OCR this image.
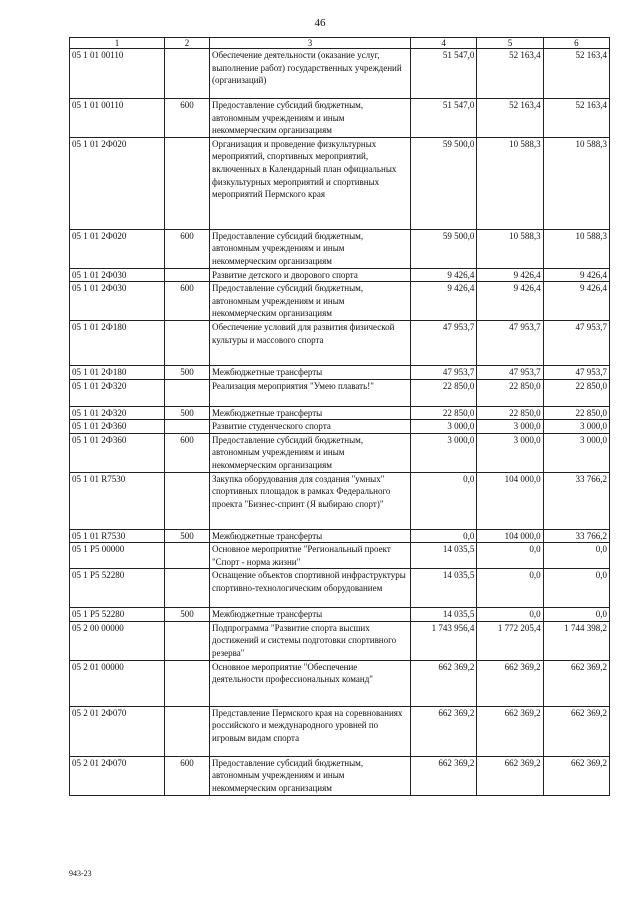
46
1	2	3	4	5	6
05 1 01 00110		Обеспечение деятельности (оказание услуг, выполнение работ) государственных учреждений (организаций)	51 547,0	52 163,4	52 163,4
05 1 01 00110	600	Предоставление субсидий бюджетным, автономным учреждениям и иным некоммерческим организациям	51 547,0	52 163,4	52 163,4
05 1 01 2Ф020		Организация и проведение физкультурных мероприятий, спортивных мероприятий, включенных в Календарный план официальных физкультурных мероприятий и спортивных мероприятий Пермского края	59 500,0	10 588,3	10 588,3
05 1 01 2Ф020	600	Предоставление субсидий бюджетным, автономным учреждениям и иным некоммерческим организациям	59 500,0	10 588,3	10 588,3
05 1 01 2Ф030		Развитие детского и дворового спорта	9 426,4	9 426,4	9 426,4
05 1 01 2Ф030	600	Предоставление субсидий бюджетным, автономным учреждениям и иным некоммерческим организациям	9 426,4	9 426,4	9 426,4
05 1 01 2Ф180		Обеспечение условий для развития физической культуры и массового спорта	47 953,7	47 953,7	47 953,7
05 1 01 2Ф180	500	Межбюджетные трансферты	47 953,7	47 953,7	47 953,7
05 1 01 2Ф320		Реализация мероприятия "Умею плавать!"	22 850,0	22 850,0	22 850,0
05 1 01 2Ф320	500	Межбюджетные трансферты	22 850,0	22 850,0	22 850,0
05 1 01 2Ф360		Развитие студенческого спорта	3 000,0	3 000,0	3 000,0
05 1 01 2Ф360	600	Предоставление субсидий бюджетным, автономным учреждениям и иным некоммерческим организациям	3 000,0	3 000,0	3 000,0
05 1 01 R7530		Закупка оборудования для создания "умных" спортивных площадок в рамках Федерального проекта "Бизнес-спринт (Я выбираю спорт)"	0,0	104 000,0	33 766,2
05 1 01 R7530	500	Межбюджетные трансферты	0,0	104 000,0	33 766,2
05 1 P5 00000		Основное мероприятие "Региональный проект "Спорт - норма жизни"	14 035,5	0,0	0,0
05 1 P5 52280		Оснащение объектов спортивной инфраструктуры спортивно-технологическим оборудованием	14 035,5	0,0	0,0
05 1 P5 52280	500	Межбюджетные трансферты	14 035,5	0,0	0,0
05 2 00 00000		Подпрограмма "Развитие спорта высших достижений и системы подготовки спортивного резерва"	1 743 956,4	1 772 205,4	1 744 398,2
05 2 01 00000		Основное мероприятие "Обеспечение деятельности профессиональных команд"	662 369,2	662 369,2	662 369,2
05 2 01 2Ф070		Представление Пермского края на соревнованиях российского и международного уровней по игровым видам спорта	662 369,2	662 369,2	662 369,2
05 2 01 2Ф070	600	Предоставление субсидий бюджетным, автономным учреждениям и иным некоммерческим организациям	662 369,2	662 369,2	662 369,2
943-23
